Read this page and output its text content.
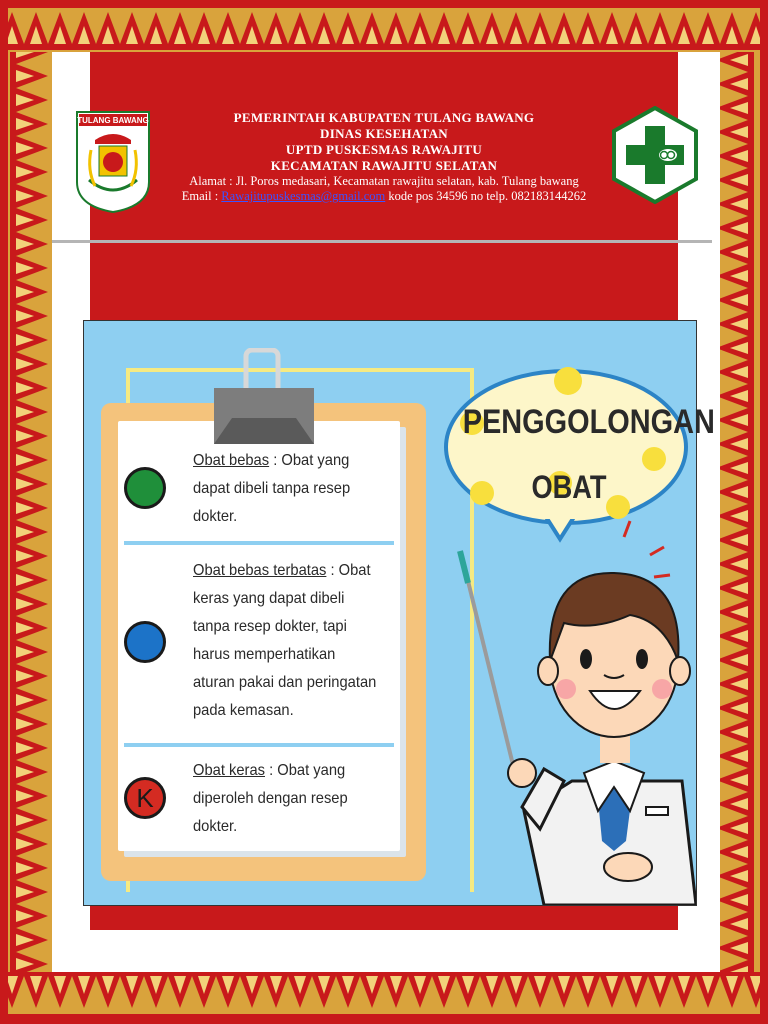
TULANG BAWANG	PEMERINTAH KABUPATEN TULANG BAWANG
DINAS KESEHATAN
UPTD PUSKESMAS RAWAJITU
KECAMATAN RAWAJITU SELATAN
Alamat : Jl. Poros medasari, Kecamatan rawajitu selatan, kab. Tulang bawang
Email : Rawajitupuskesmas@gmail.com kode pos 34596 no telp. 082183144262
Obat bebas : Obat yang dapat dibeli tanpa resep dokter.
Obat bebas terbatas : Obat keras yang dapat dibeli tanpa resep dokter, tapi harus memperhatikan aturan pakai dan peringatan pada kemasan.
K
Obat keras : Obat yang diperoleh dengan resep dokter.
PENGGOLONGAN
OBAT
